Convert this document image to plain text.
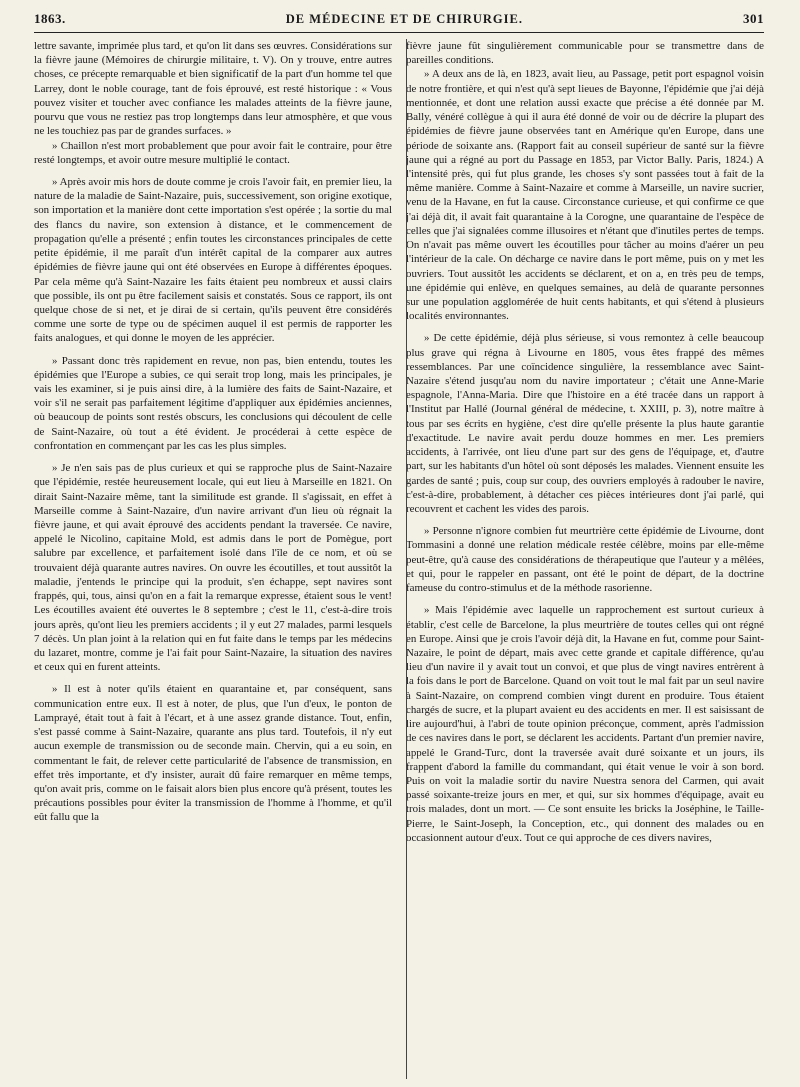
1863.	DE MÉDECINE ET DE CHIRURGIE.	301

lettre savante, imprimée plus tard, et qu'on lit dans ses œuvres. Considérations sur la fièvre jaune (Mémoires de chirurgie militaire, t. V). On y trouve, entre autres choses, ce précepte remarquable et bien significatif de la part d'un homme tel que Larrey, dont le noble courage, tant de fois éprouvé, est resté historique : « Vous pouvez visiter et toucher avec confiance les malades atteints de la fièvre jaune, pourvu que vous ne restiez pas trop longtemps dans leur atmosphère, et que vous ne les touchiez pas par de grandes surfaces. »

» Chaillon n'est mort probablement que pour avoir fait le contraire, pour être resté longtemps, et avoir outre mesure multiplié le contact.

» Après avoir mis hors de doute comme je crois l'avoir fait, en premier lieu, la nature de la maladie de Saint-Nazaire, puis, successivement, son origine exotique, son importation et la manière dont cette importation s'est opérée ; la sortie du mal des flancs du navire, son extension à distance, et le commencement de propagation qu'elle a présenté ; enfin toutes les circonstances principales de cette petite épidémie, il me paraît d'un intérêt capital de la comparer aux autres épidémies de fièvre jaune qui ont été observées en Europe à différentes époques. Par cela même qu'à Saint-Nazaire les faits étaient peu nombreux et aussi clairs que possible, ils ont pu être facilement saisis et constatés. Sous ce rapport, ils ont quelque chose de si net, et je dirai de si certain, qu'ils peuvent être considérés comme une sorte de type ou de spécimen auquel il est permis de rapporter les faits analogues, et qui donne le moyen de les apprécier.

» Passant donc très rapidement en revue, non pas, bien entendu, toutes les épidémies que l'Europe a subies, ce qui serait trop long, mais les principales, je vais les examiner, si je puis ainsi dire, à la lumière des faits de Saint-Nazaire, et voir s'il ne serait pas parfaitement légitime d'appliquer aux épidémies anciennes, où beaucoup de points sont restés obscurs, les conclusions qui découlent de celle de Saint-Nazaire, où tout a été évident. Je procéderai à cette espèce de confrontation en commençant par les cas les plus simples.

» Je n'en sais pas de plus curieux et qui se rapproche plus de Saint-Nazaire que l'épidémie, restée heureusement locale, qui eut lieu à Marseille en 1821. On dirait Saint-Nazaire même, tant la similitude est grande. Il s'agissait, en effet à Marseille comme à Saint-Nazaire, d'un navire arrivant d'un lieu où régnait la fièvre jaune, et qui avait éprouvé des accidents pendant la traversée. Ce navire, appelé le Nicolino, capitaine Mold, est admis dans le port de Pomègue, port salubre par excellence, et parfaitement isolé dans l'île de ce nom, et où se trouvaient déjà quarante autres navires. On ouvre les écoutilles, et tout aussitôt la maladie, j'entends le principe qui la produit, s'en échappe, sept navires sont frappés, qui, tous, ainsi qu'on en a fait la remarque expresse, étaient sous le vent! Les écoutilles avaient été ouvertes le 8 septembre ; c'est le 11, c'est-à-dire trois jours après, qu'ont lieu les premiers accidents ; il y eut 27 malades, parmi lesquels 7 décès. Un plan joint à la relation qui en fut faite dans le temps par les médecins du lazaret, montre, comme je l'ai fait pour Saint-Nazaire, la situation des navires et ceux qui en furent atteints.

» Il est à noter qu'ils étaient en quarantaine et, par conséquent, sans communication entre eux. Il est à noter, de plus, que l'un d'eux, le ponton de Lamprayé, était tout à fait à l'écart, et à une assez grande distance. Tout, enfin, s'est passé comme à Saint-Nazaire, quarante ans plus tard. Toutefois, il n'y eut aucun exemple de transmission ou de seconde main. Chervin, qui a eu soin, en commentant le fait, de relever cette particularité de l'absence de transmission, en effet très importante, et d'y insister, aurait dû faire remarquer en même temps, qu'on avait pris, comme on le faisait alors bien plus encore qu'à présent, toutes les précautions possibles pour éviter la transmission de l'homme à l'homme, et qu'il eût fallu que la

fièvre jaune fût singulièrement communicable pour se transmettre dans de pareilles conditions.

» A deux ans de là, en 1823, avait lieu, au Passage, petit port espagnol voisin de notre frontière, et qui n'est qu'à sept lieues de Bayonne, l'épidémie que j'ai déjà mentionnée, et dont une relation aussi exacte que précise a été donnée par M. Bally, vénéré collègue à qui il aura été donné de voir ou de décrire la plupart des épidémies de fièvre jaune observées tant en Amérique qu'en Europe, dans une période de soixante ans. (Rapport fait au conseil supérieur de santé sur la fièvre jaune qui a régné au port du Passage en 1853, par Victor Bally. Paris, 1824.) A l'intensité près, qui fut plus grande, les choses s'y sont passées tout à fait de la même manière. Comme à Saint-Nazaire et comme à Marseille, un navire sucrier, venu de la Havane, en fut la cause. Circonstance curieuse, et qui confirme ce que j'ai déjà dit, il avait fait quarantaine à la Corogne, une quarantaine de l'espèce de celles que j'ai signalées comme illusoires et n'étant que d'inutiles pertes de temps. On n'avait pas même ouvert les écoutilles pour tâcher au moins d'aérer un peu l'intérieur de la cale. On décharge ce navire dans le port même, puis on y met les ouvriers. Tout aussitôt les accidents se déclarent, et on a, en très peu de temps, une épidémie qui enlève, en quelques semaines, au delà de quarante personnes sur une population agglomérée de huit cents habitants, et qui s'étend à plusieurs localités environnantes.

» De cette épidémie, déjà plus sérieuse, si vous remontez à celle beaucoup plus grave qui régna à Livourne en 1805, vous êtes frappé des mêmes ressemblances. Par une coïncidence singulière, la ressemblance avec Saint-Nazaire s'étend jusqu'au nom du navire importateur ; c'était une Anne-Marie espagnole, l'Anna-Maria. Dire que l'histoire en a été tracée dans un rapport à l'Institut par Hallé (Journal général de médecine, t. XXIII, p. 3), notre maître à tous par ses écrits en hygiène, c'est dire qu'elle présente la plus haute garantie d'exactitude. Le navire avait perdu douze hommes en mer. Les premiers accidents, à l'arrivée, ont lieu d'une part sur des gens de l'équipage, et, d'autre part, sur les habitants d'un hôtel où sont déposés les malades. Viennent ensuite les gardes de santé ; puis, coup sur coup, des ouvriers employés à radouber le navire, c'est-à-dire, probablement, à détacher ces pièces intérieures dont j'ai parlé, qui recouvrent et cachent les vides des parois.

» Personne n'ignore combien fut meurtrière cette épidémie de Livourne, dont Tommasini a donné une relation médicale restée célèbre, moins par elle-même peut-être, qu'à cause des considérations de thérapeutique que l'auteur y a mêlées, et qui, pour le rappeler en passant, ont été le point de départ, de la doctrine fameuse du contro-stimulus et de la méthode rasorienne.

» Mais l'épidémie avec laquelle un rapprochement est surtout curieux à établir, c'est celle de Barcelone, la plus meurtrière de toutes celles qui ont régné en Europe. Ainsi que je crois l'avoir déjà dit, la Havane en fut, comme pour Saint-Nazaire, le point de départ, mais avec cette grande et capitale différence, qu'au lieu d'un navire il y avait tout un convoi, et que plus de vingt navires entrèrent à la fois dans le port de Barcelone. Quand on voit tout le mal fait par un seul navire à Saint-Nazaire, on comprend combien vingt durent en produire. Tous étaient chargés de sucre, et la plupart avaient eu des accidents en mer. Il est saisissant de lire aujourd'hui, à l'abri de toute opinion préconçue, comment, après l'admission de ces navires dans le port, se déclarent les accidents. Partant d'un premier navire, appelé le Grand-Turc, dont la traversée avait duré soixante et un jours, ils frappent d'abord la famille du commandant, qui était venue le voir à son bord. Puis on voit la maladie sortir du navire Nuestra senora del Carmen, qui avait passé soixante-treize jours en mer, et qui, sur six hommes d'équipage, avait eu trois malades, dont un mort. — Ce sont ensuite les bricks la Joséphine, le Taille-Pierre, le Saint-Joseph, la Conception, etc., qui donnent des malades ou en occasionnent autour d'eux. Tout ce qui approche de ces divers navires,
